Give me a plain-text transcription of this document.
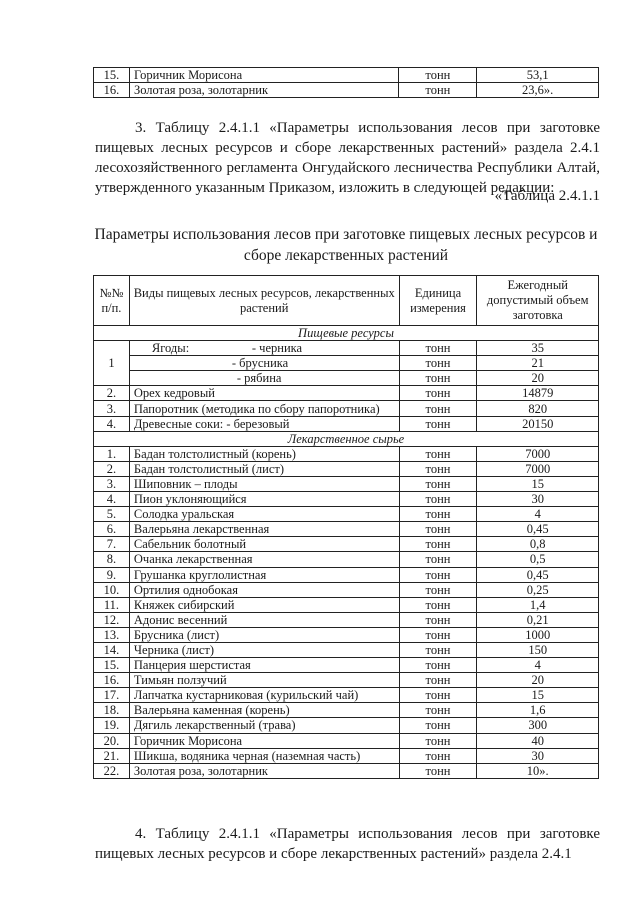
15.	Горичник Морисона	тонн	53,1
16.	Золотая роза, золотарник	тонн	23,6».
3. Таблицу 2.4.1.1 «Параметры использования лесов при заготовке пищевых лесных ресурсов и сборе лекарственных растений» раздела 2.4.1 лесохозяйственного регламента Онгудайского лесничества Республики Алтай, утвержденного указанным Приказом, изложить в следующей редакции:
«Таблица 2.4.1.1
Параметры использования лесов при заготовке пищевых лесных ресурсов и сборе лекарственных растений
№№ п/п.	Виды пищевых лесных ресурсов, лекарственных растений	Единица измерения	Ежегодный допустимый объем заготовка
Пищевые ресурсы			
1	Ягоды: - черника	тонн	35
	- брусника	тонн	21
	- рябина	тонн	20
2.	Орех кедровый	тонн	14879
3.	Папоротник (методика по сбору папоротника)	тонн	820
4.	Древесные соки: - березовый	тонн	20150
Лекарственное сырье			
1.	Бадан толстолистный (корень)	тонн	7000
2.	Бадан толстолистный (лист)	тонн	7000
3.	Шиповник – плоды	тонн	15
4.	Пион уклоняющийся	тонн	30
5.	Солодка уральская	тонн	4
6.	Валерьяна лекарственная	тонн	0,45
7.	Сабельник болотный	тонн	0,8
8.	Очанка лекарственная	тонн	0,5
9.	Грушанка круглолистная	тонн	0,45
10.	Ортилия однобокая	тонн	0,25
11.	Княжек сибирский	тонн	1,4
12.	Адонис весенний	тонн	0,21
13.	Брусника (лист)	тонн	1000
14.	Черника (лист)	тонн	150
15.	Панцерия шерстистая	тонн	4
16.	Тимьян ползучий	тонн	20
17.	Лапчатка кустарниковая (курильский чай)	тонн	15
18.	Валерьяна каменная (корень)	тонн	1,6
19.	Дягиль лекарственный (трава)	тонн	300
20.	Горичник Морисона	тонн	40
21.	Шикша, водяника черная (наземная часть)	тонн	30
22.	Золотая роза, золотарник	тонн	10».
4. Таблицу 2.4.1.1 «Параметры использования лесов при заготовке пищевых лесных ресурсов и сборе лекарственных растений» раздела 2.4.1
